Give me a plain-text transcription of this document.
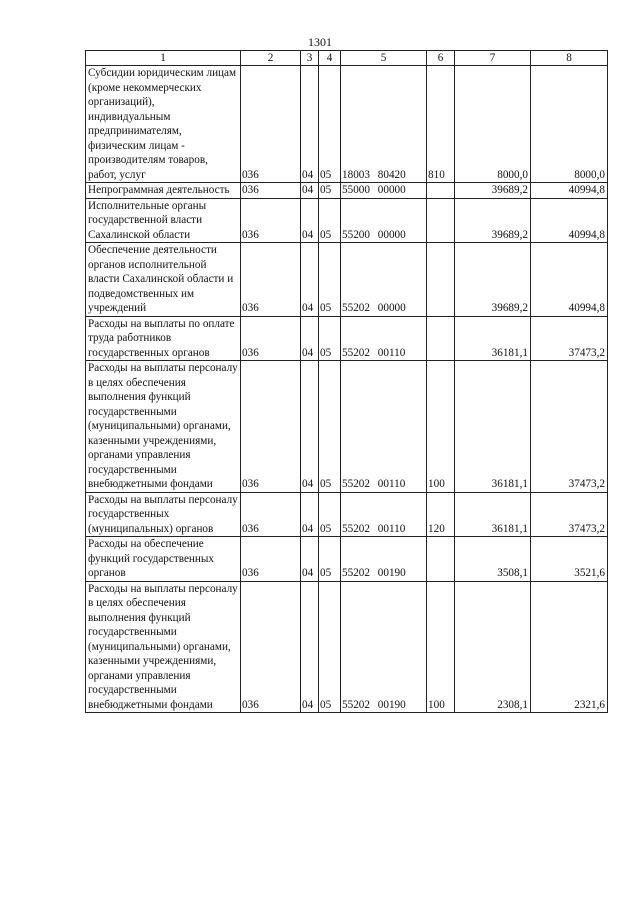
1301
1	2	3	4	5	6	7	8
Субсидии юридическим лицам (кроме некоммерческих организаций), индивидуальным предпринимателям, физическим лицам - производителям товаров, работ, услуг	036	04	05	18003 80420	810	8000,0	8000,0
Непрограммная деятельность	036	04	05	55000 00000		39689,2	40994,8
Исполнительные органы государственной власти Сахалинской области	036	04	05	55200 00000		39689,2	40994,8
Обеспечение деятельности органов исполнительной власти Сахалинской области и подведомственных им учреждений	036	04	05	55202 00000		39689,2	40994,8
Расходы на выплаты по оплате труда работников государственных органов	036	04	05	55202 00110		36181,1	37473,2
Расходы на выплаты персоналу в целях обеспечения выполнения функций государственными (муниципальными) органами, казенными учреждениями, органами управления государственными внебюджетными фондами	036	04	05	55202 00110	100	36181,1	37473,2
Расходы на выплаты персоналу государственных (муниципальных) органов	036	04	05	55202 00110	120	36181,1	37473,2
Расходы на обеспечение функций государственных органов	036	04	05	55202 00190		3508,1	3521,6
Расходы на выплаты персоналу в целях обеспечения выполнения функций государственными (муниципальными) органами, казенными учреждениями, органами управления государственными внебюджетными фондами	036	04	05	55202 00190	100	2308,1	2321,6
